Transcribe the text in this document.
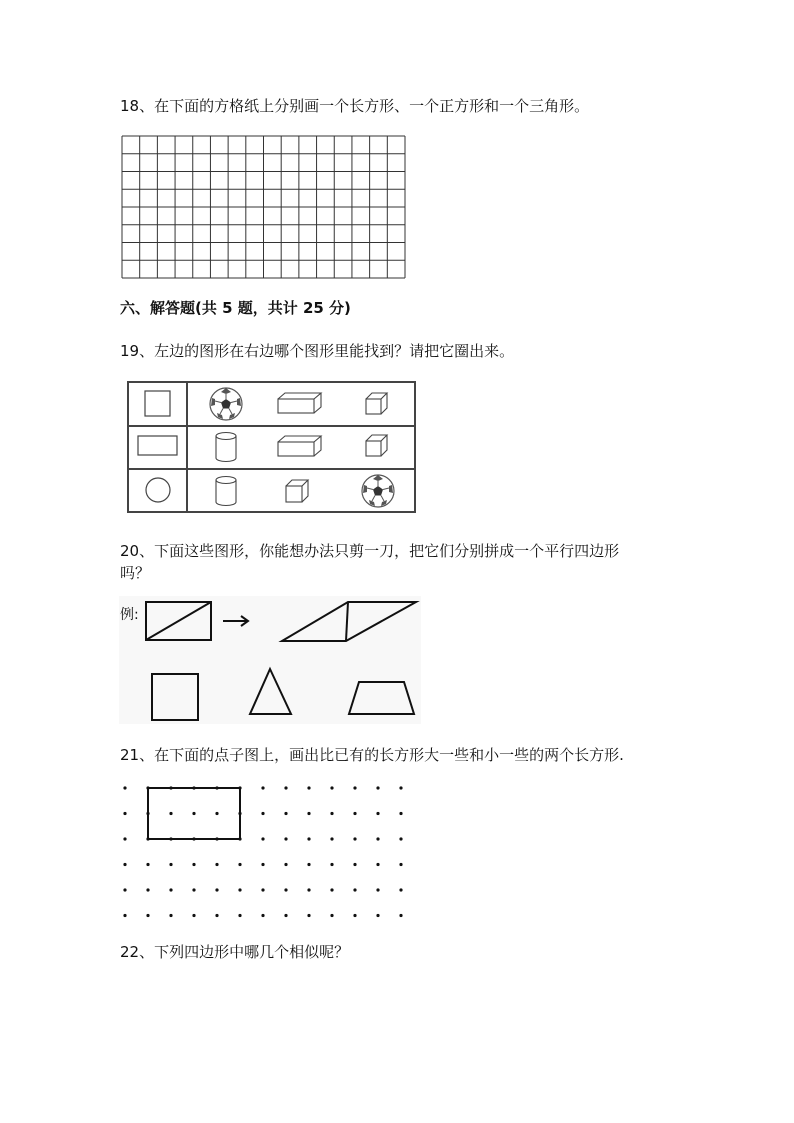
18、在下面的方格纸上分别画一个长方形、一个正方形和一个三角形。
六、解答题(共 5 题，共计 25 分)
19、左边的图形在右边哪个图形里能找到？请把它圈出来。
20、下面这些图形，你能想办法只剪一刀，把它们分别拼成一个平行四边形
吗？
例:
21、在下面的点子图上，画出比已有的长方形大一些和小一些的两个长方形.
22、下列四边形中哪几个相似呢？
